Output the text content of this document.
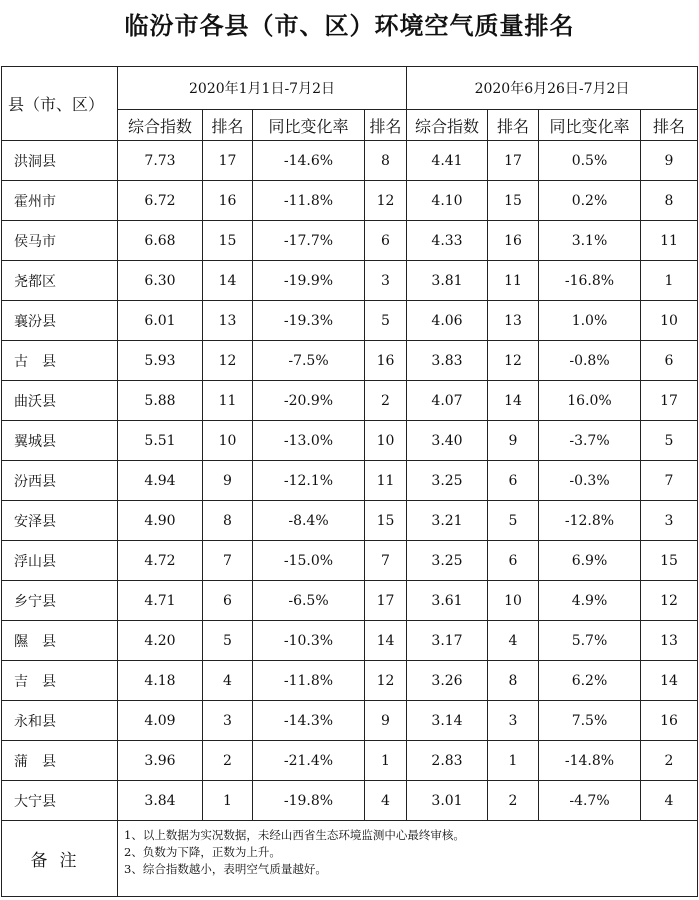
临汾市各县（市、区）环境空气质量排名
县（市、区）	2020年1月1日-7月2日				2020年6月26日-7月2日			
	综合指数	排名	同比变化率	排名	综合指数	排名	同比变化率	排名
洪洞县	7.73	17	-14.6%	8	4.41	17	0.5%	9
霍州市	6.72	16	-11.8%	12	4.10	15	0.2%	8
侯马市	6.68	15	-17.7%	6	4.33	16	3.1%	11
尧都区	6.30	14	-19.9%	3	3.81	11	-16.8%	1
襄汾县	6.01	13	-19.3%	5	4.06	13	1.0%	10
古　县	5.93	12	-7.5%	16	3.83	12	-0.8%	6
曲沃县	5.88	11	-20.9%	2	4.07	14	16.0%	17
翼城县	5.51	10	-13.0%	10	3.40	9	-3.7%	5
汾西县	4.94	9	-12.1%	11	3.25	6	-0.3%	7
安泽县	4.90	8	-8.4%	15	3.21	5	-12.8%	3
浮山县	4.72	7	-15.0%	7	3.25	6	6.9%	15
乡宁县	4.71	6	-6.5%	17	3.61	10	4.9%	12
隰　县	4.20	5	-10.3%	14	3.17	4	5.7%	13
吉　县	4.18	4	-11.8%	12	3.26	8	6.2%	14
永和县	4.09	3	-14.3%	9	3.14	3	7.5%	16
蒲　县	3.96	2	-21.4%	1	2.83	1	-14.8%	2
大宁县	3.84	1	-19.8%	4	3.01	2	-4.7%	4
备注	1、以上数据为实况数据，未经山西省生态环境监测中心最终审核。
2、负数为下降，正数为上升。
3、综合指数越小，表明空气质量越好。							
